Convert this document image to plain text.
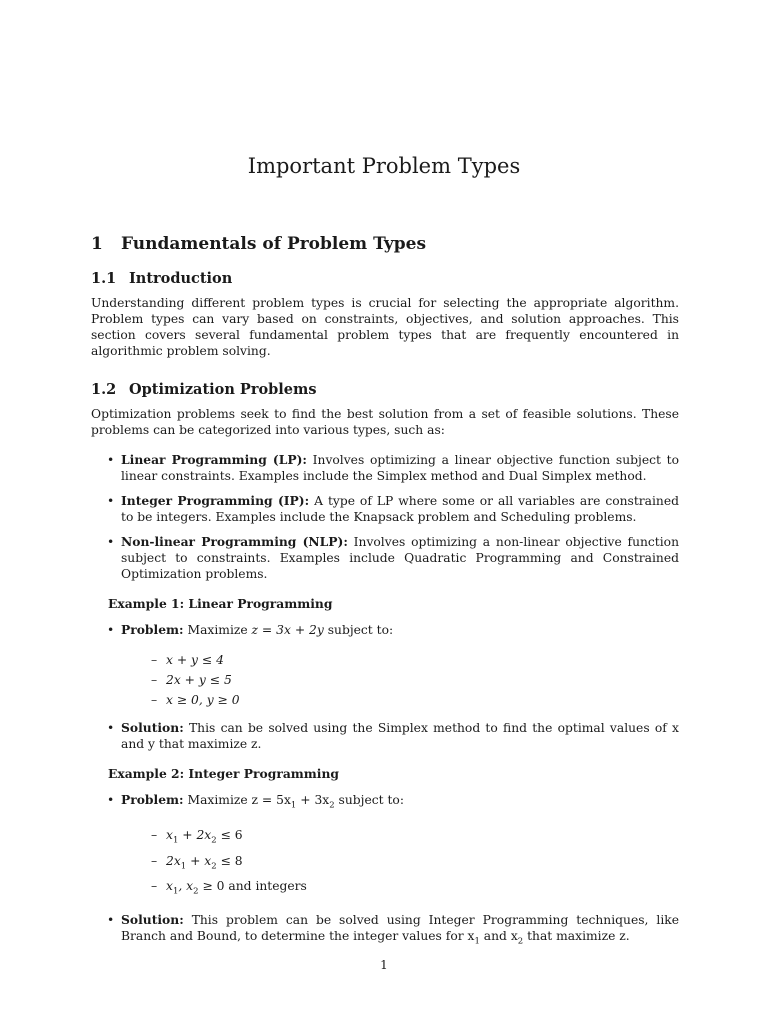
Important Problem Types
1 Fundamentals of Problem Types
1.1 Introduction

Understanding different problem types is crucial for selecting the appropriate algorithm. Problem types can vary based on constraints, objectives, and solution approaches. This section covers several fundamental problem types that are frequently encountered in algorithmic problem solving.

1.2 Optimization Problems

Optimization problems seek to find the best solution from a set of feasible solutions. These problems can be categorized into various types, such as:

• Linear Programming (LP): Involves optimizing a linear objective function subject to linear constraints. Examples include the Simplex method and Dual Simplex method.
• Integer Programming (IP): A type of LP where some or all variables are constrained to be integers. Examples include the Knapsack problem and Scheduling problems.
• Non-linear Programming (NLP): Involves optimizing a non-linear objective function subject to constraints. Examples include Quadratic Programming and Constrained Optimization problems.
Example 1: Linear Programming
• Problem: Maximize z = 3x + 2y subject to:
– x + y ≤ 4
– 2x + y ≤ 5
– x ≥ 0, y ≥ 0
• Solution: This can be solved using the Simplex method to find the optimal values of x and y that maximize z.
Example 2: Integer Programming
• Problem: Maximize $z = 5x_1 + 3x_2$ subject to:
– $x_1 + 2x_2 \le 6$
– $2x_1 + x_2 \le 8$
– $x_1$, $x_2 \ge 0$ and integers
• Solution: This problem can be solved using Integer Programming techniques, like Branch and Bound, to determine the integer values for $x_1$ and $x_2$ that maximize z.
1
